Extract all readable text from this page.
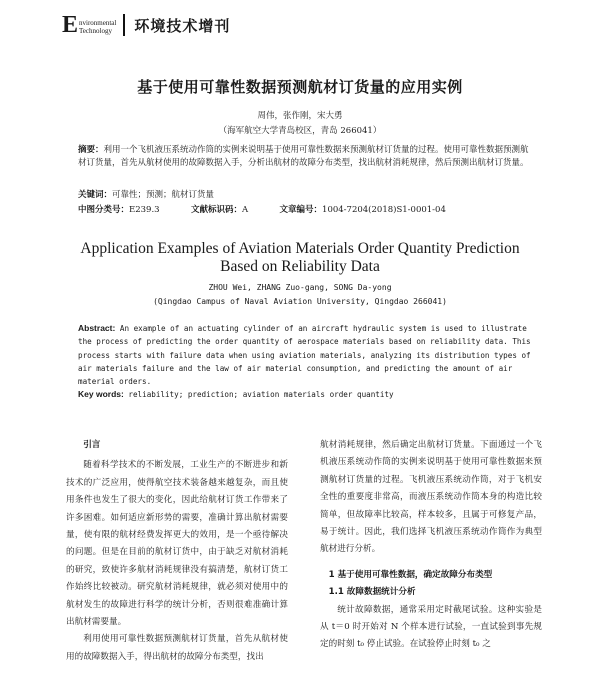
E nvironmental
Technology 环境技术增刊
基于使用可靠性数据预测航材订货量的应用实例
周伟，张作刚，宋大勇
（海军航空大学青岛校区，青岛 266041）
摘要：利用一个飞机液压系统动作筒的实例来说明基于使用可靠性数据来预测航材订货量的过程。使用可靠性数据预测航材订货量，首先从航材使用的故障数据入手，分析出航材的故障分布类型，找出航材消耗规律，然后预测出航材订货量。
关键词：可靠性；预测；航材订货量
中图分类号：E239.3	文献标识码：A	文章编号：1004-7204(2018)S1-0001-04
Application Examples of Aviation Materials Order Quantity Prediction Based on Reliability Data
ZHOU Wei, ZHANG Zuo-gang, SONG Da-yong
(Qingdao Campus of Naval Aviation University, Qingdao 266041)
Abstract: An example of an actuating cylinder of an aircraft hydraulic system is used to illustrate the process of predicting the order quantity of aerospace materials based on reliability data. This process starts with failure data when using aviation materials, analyzing its distribution types of air materials failure and the law of air material consumption, and predicting the amount of air material orders.
Key words: reliability; prediction; aviation materials order quantity
引言

随着科学技术的不断发展，工业生产的不断进步和新技术的广泛应用，使得航空技术装备越来越复杂，而且使用条件也发生了很大的变化，因此给航材订货工作带来了许多困难。如何适应新形势的需要，准确计算出航材需要量，使有限的航材经费发挥更大的效用，是一个亟待解决的问题。但是在目前的航材订货中，由于缺乏对航材消耗的研究，致使许多航材消耗规律没有搞清楚，航材订货工作始终比较被动。研究航材消耗规律，就必须对使用中的航材发生的故障进行科学的统计分析，否则很难准确计算出航材需要量。

利用使用可靠性数据预测航材订货量，首先从航材使用的故障数据入手，得出航材的故障分布类型，找出

航材消耗规律，然后确定出航材订货量。下面通过一个飞机液压系统动作筒的实例来说明基于使用可靠性数据来预测航材订货量的过程。飞机液压系统动作筒，对于飞机安全性的重要度非常高，而液压系统动作筒本身的构造比较简单，但故障率比较高，样本较多，且属于可修复产品，易于统计。因此，我们选择飞机液压系统动作筒作为典型航材进行分析。

1 基于使用可靠性数据，确定故障分布类型
1.1 故障数据统计分析

统计故障数据，通常采用定时截尾试验。这种实验是从 t＝0 时开始对 N 个样本进行试验，一直试验到事先规定的时刻 t₀ 停止试验。在试验停止时刻 t₀ 之
